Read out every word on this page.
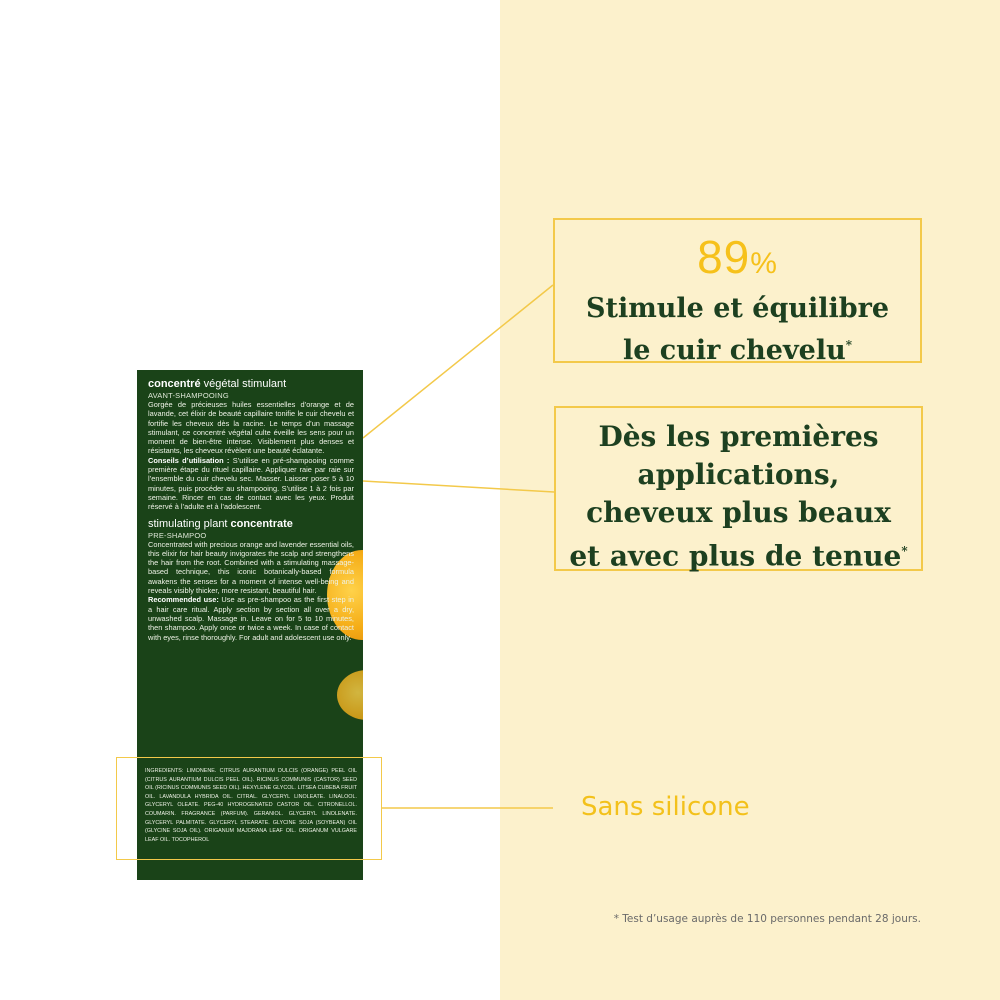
concentré végétal stimulant
AVANT-SHAMPOOING

Gorgée de précieuses huiles essentielles d’orange et de lavande, cet élixir de beauté capillaire tonifie le cuir chevelu et fortifie les cheveux dès la racine. Le temps d’un massage stimulant, ce concentré végétal culte éveille les sens pour un moment de bien-être intense. Visiblement plus denses et résistants, les cheveux révèlent une beauté éclatante.

Conseils d’utilisation : S’utilise en pré-shampooing comme première étape du rituel capillaire. Appliquer raie par raie sur l’ensemble du cuir chevelu sec. Masser. Laisser poser 5 à 10 minutes, puis procéder au shampooing. S’utilise 1 à 2 fois par semaine. Rincer en cas de contact avec les yeux. Produit réservé à l’adulte et à l’adolescent.

stimulating plant concentrate
PRE-SHAMPOO

Concentrated with precious orange and lavender essential oils, this elixir for hair beauty invigorates the scalp and strengthens the hair from the root. Combined with a stimulating massage-based technique, this iconic botanically-based formula awakens the senses for a moment of intense well-being and reveals visibly thicker, more resistant, beautiful hair.

Recommended use: Use as pre-shampoo as the first step in a hair care ritual. Apply section by section all over a dry, unwashed scalp. Massage in. Leave on for 5 to 10 minutes, then shampoo. Apply once or twice a week. In case of contact with eyes, rinse thoroughly. For adult and adolescent use only.

INGREDIENTS: LIMONENE. CITRUS AURANTIUM DULCIS (ORANGE) PEEL OIL (CITRUS AURANTIUM DULCIS PEEL OIL). RICINUS COMMUNIS (CASTOR) SEED OIL (RICINUS COMMUNIS SEED OIL). HEXYLENE GLYCOL. LITSEA CUBEBA FRUIT OIL. LAVANDULA HYBRIDA OIL. CITRAL. GLYCERYL LINOLEATE. LINALOOL. GLYCERYL OLEATE. PEG-40 HYDROGENATED CASTOR OIL. CITRONELLOL. COUMARIN. FRAGRANCE (PARFUM). GERANIOL. GLYCERYL LINOLENATE. GLYCERYL PALMITATE. GLYCERYL STEARATE. GLYCINE SOJA (SOYBEAN) OIL (GLYCINE SOJA OIL). ORIGANUM MAJORANA LEAF OIL. ORIGANUM VULGARE LEAF OIL. TOCOPHEROL
89%
Stimule et équilibre
le cuir chevelu*
Dès les premières
applications,
cheveux plus beaux
et avec plus de tenue*
Sans silicone
* Test d’usage auprès de 110 personnes pendant 28 jours.
